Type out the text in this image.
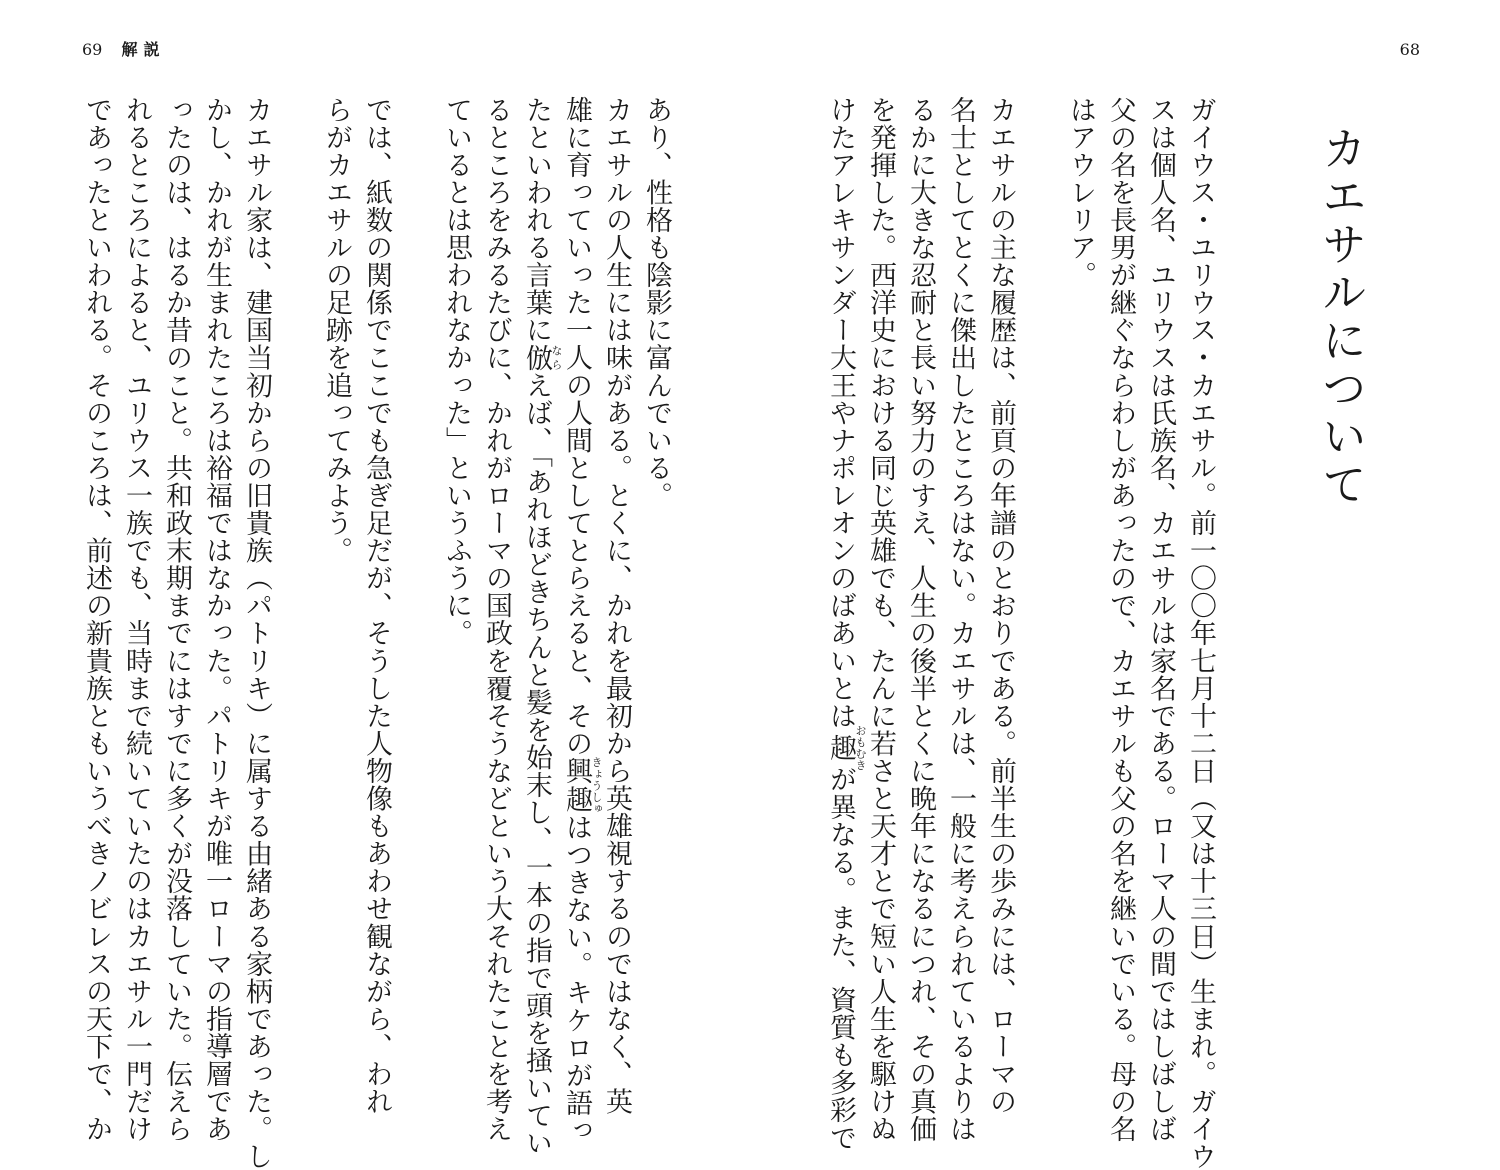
69 解説	68
カエサルについて
ガイウス・ユリウス・カエサル。前一〇〇年七月十二日（又は十三日）生まれ。ガイウ
スは個人名、ユリウスは氏族名、カエサルは家名である。ローマ人の間ではしばしば
父の名を長男が継ぐならわしがあったので、カエサルも父の名を継いでいる。母の名
はアウレリア。
カエサルの主な履歴は、前頁の年譜のとおりである。前半生の歩みには、ローマの
名士としてとくに傑出したところはない。カエサルは、一般に考えられているよりは
るかに大きな忍耐と長い努力のすえ、人生の後半とくに晩年になるにつれ、その真価
を発揮した。西洋史における同じ英雄でも、たんに若さと天才とで短い人生を駆けぬ
けたアレキサンダー大王やナポレオンのばあいとは趣おもむきが異なる。また、資質も多彩で
あり、性格も陰影に富んでいる。
カエサルの人生には味がある。とくに、かれを最初から英雄視するのではなく、英
雄に育っていった一人の人間としてとらえると、その興趣きょうしゅはつきない。キケロが語っ
たといわれる言葉に倣ならえば、「あれほどきちんと髪を始末し、一本の指で頭を掻いてい
るところをみるたびに、かれがローマの国政を覆そうなどという大それたことを考え
ているとは思われなかった」というふうに。
では、紙数の関係でここでも急ぎ足だが、そうした人物像もあわせ観ながら、われ
らがカエサルの足跡を追ってみよう。
カエサル家は、建国当初からの旧貴族（パトリキ）に属する由緒ある家柄であった。し
かし、かれが生まれたころは裕福ではなかった。パトリキが唯一ローマの指導層であ
ったのは、はるか昔のこと。共和政末期までにはすでに多くが没落していた。伝えら
れるところによると、ユリウス一族でも、当時まで続いていたのはカエサル一門だけ
であったといわれる。そのころは、前述の新貴族ともいうべきノビレスの天下で、か
